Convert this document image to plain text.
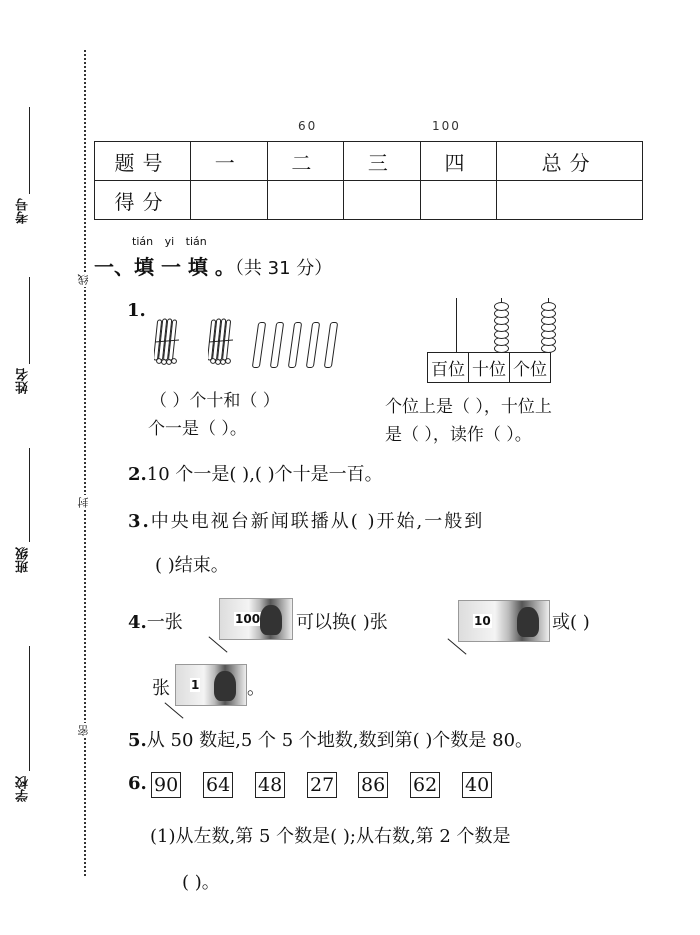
线
封
密
考号
姓名
班级
学校
60	100
题号	一	二	三	四	总分
得分					
tián yi tián
一、填 一 填 。（共 31 分）
1.
（ ）个十和（ ）
个一是（ ）。
百位 十位 个位
个位上是（ ），十位上
是（ ），读作（ ）。
2.10 个一是( ),( )个十是一百。
3.中央电视台新闻联播从( )开始,一般到
( )结束。
4.一张	100 可以换( )张	10	或( )
张 1	。
5.从 50 数起,5 个 5 个地数,数到第( )个数是 80。
6. 90 64 48 27 86 62 40
(1)从左数,第 5 个数是( );从右数,第 2 个数是
( )。
